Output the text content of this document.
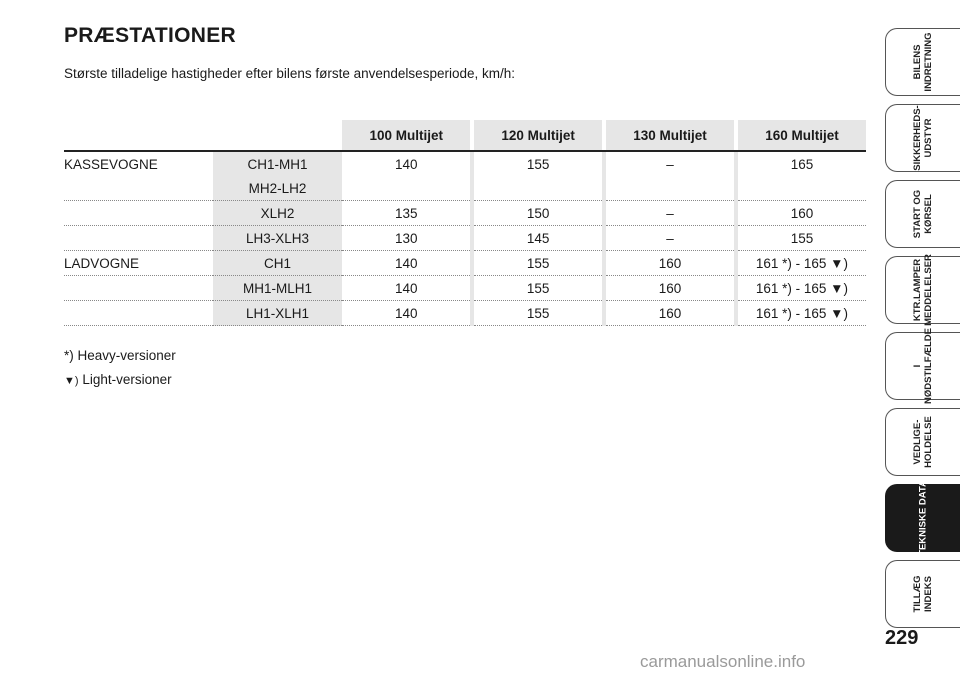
PRÆSTATIONER
Største tilladelige hastigheder efter bilens første anvendelsesperiode, km/h:
		100 Multijet		120 Multijet		130 Multijet		160 Multijet
KASSEVOGNE	CH1-MH1	140		155		–		165
	MH2-LH2							
	XLH2	135		150		–		160
	LH3-XLH3	130		145		–		155
LADVOGNE	CH1	140		155		160		161 *) - 165 ▼)
	MH1-MLH1	140		155		160		161 *) - 165 ▼)
	LH1-XLH1	140		155		160		161 *) - 165 ▼)
*) Heavy-versioner
▼) Light-versioner
BILENS
INDRETNING
SIKKERHEDS-
UDSTYR
START OG
KØRSEL
KTR.LAMPER
MEDDELELSER
I
NØDSTILFÆLDE
VEDLIGE-
HOLDELSE
TEKNISKE DATA
TILLÆG
INDEKS
229
carmanualsonline.info
